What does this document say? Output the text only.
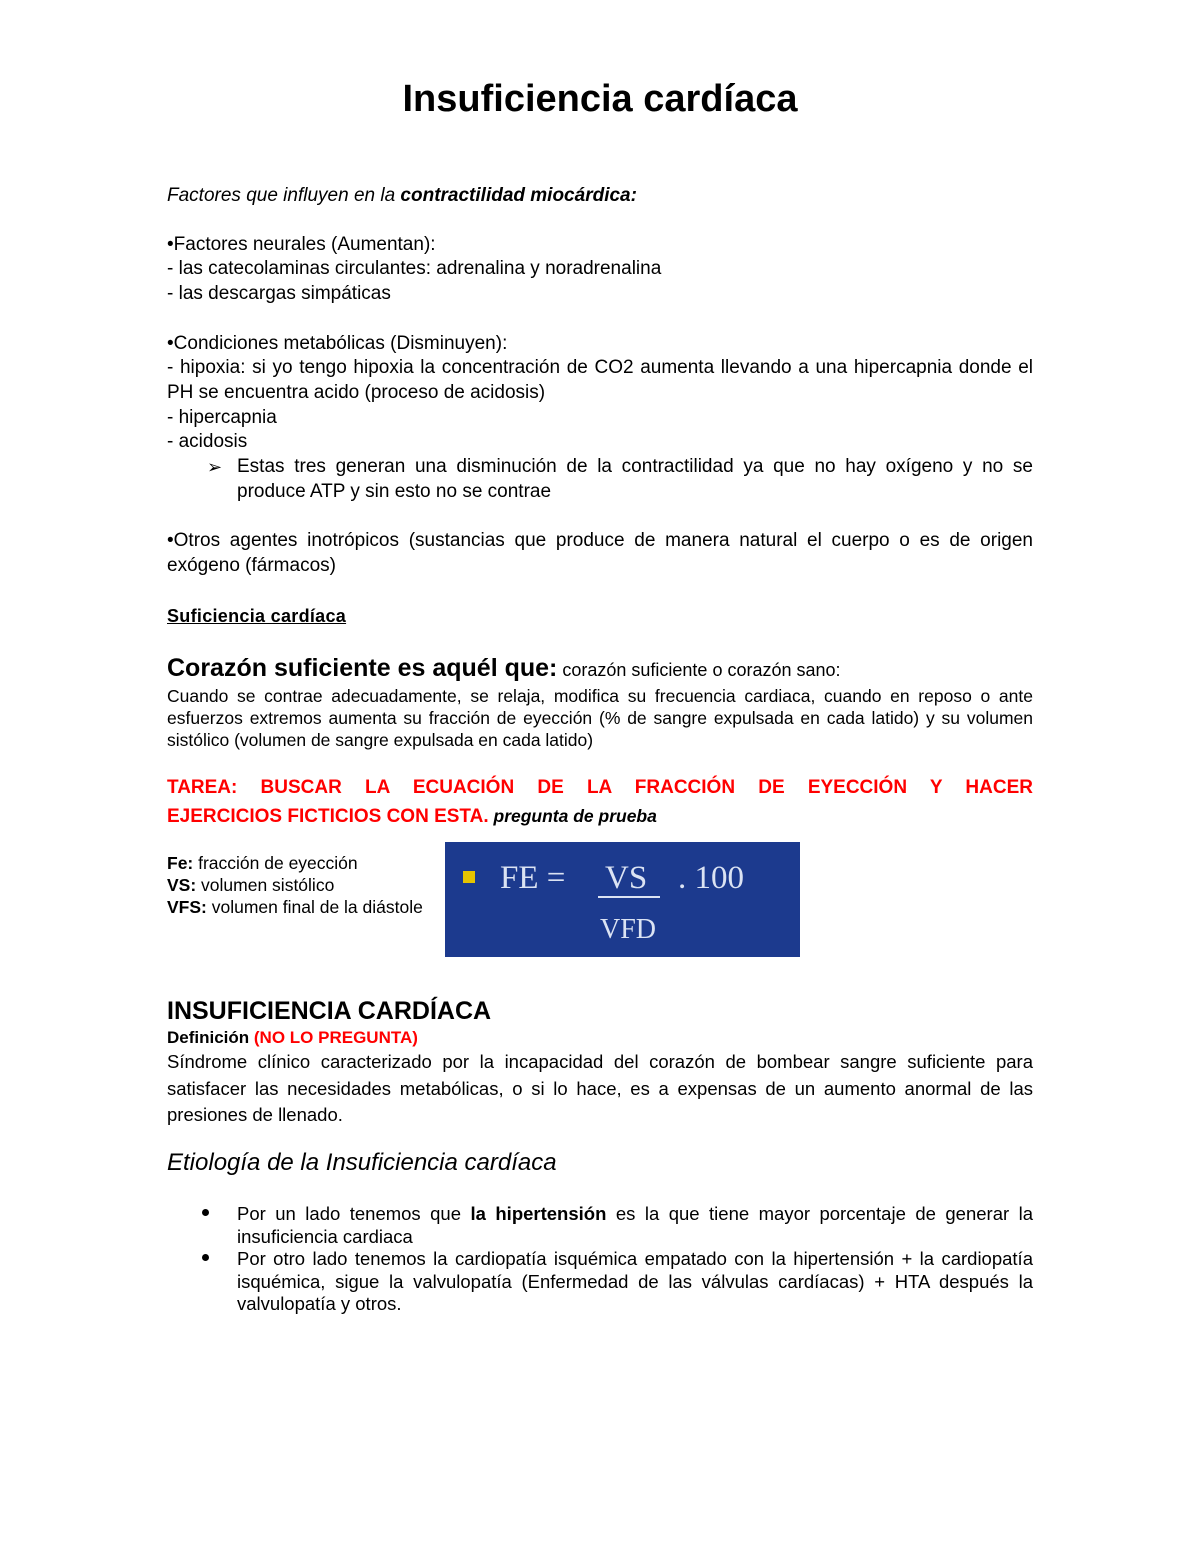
Insuficiencia cardíaca

Factores que influyen en la contractilidad miocárdica:

•Factores neurales (Aumentan):

- las catecolaminas circulantes: adrenalina y noradrenalina

- las descargas simpáticas

•Condiciones metabólicas (Disminuyen):

- hipoxia: si yo tengo hipoxia la concentración de CO2 aumenta llevando a una hipercapnia donde el PH se encuentra acido (proceso de acidosis)

- hipercapnia

- acidosis

➢ Estas tres generan una disminución de la contractilidad ya que no hay oxígeno y no se produce ATP y sin esto no se contrae

•Otros agentes inotrópicos (sustancias que produce de manera natural el cuerpo o es de origen exógeno (fármacos)

Suficiencia cardíaca

Corazón suficiente es aquél que: corazón suficiente o corazón sano:

Cuando se contrae adecuadamente, se relaja, modifica su frecuencia cardiaca, cuando en reposo o ante esfuerzos extremos aumenta su fracción de eyección (% de sangre expulsada en cada latido) y su volumen sistólico (volumen de sangre expulsada en cada latido)

TAREA: BUSCAR LA ECUACIÓN DE LA FRACCIÓN DE EYECCIÓN Y HACER

EJERCICIOS FICTICIOS CON ESTA. pregunta de prueba

Fe: fracción de eyección
VS: volumen sistólico
VFS: volumen final de la diástole
FE = VS . 100
VFD

INSUFICIENCIA CARDÍACA

Definición (NO LO PREGUNTA)

Síndrome clínico caracterizado por la incapacidad del corazón de bombear sangre suficiente para satisfacer las necesidades metabólicas, o si lo hace, es a expensas de un aumento anormal de las presiones de llenado.

Etiología de la Insuficiencia cardíaca

Por un lado tenemos que la hipertensión es la que tiene mayor porcentaje de generar la insuficiencia cardiaca
Por otro lado tenemos la cardiopatía isquémica empatado con la hipertensión + la cardiopatía isquémica, sigue la valvulopatía (Enfermedad de las válvulas cardíacas) + HTA después la valvulopatía y otros.
